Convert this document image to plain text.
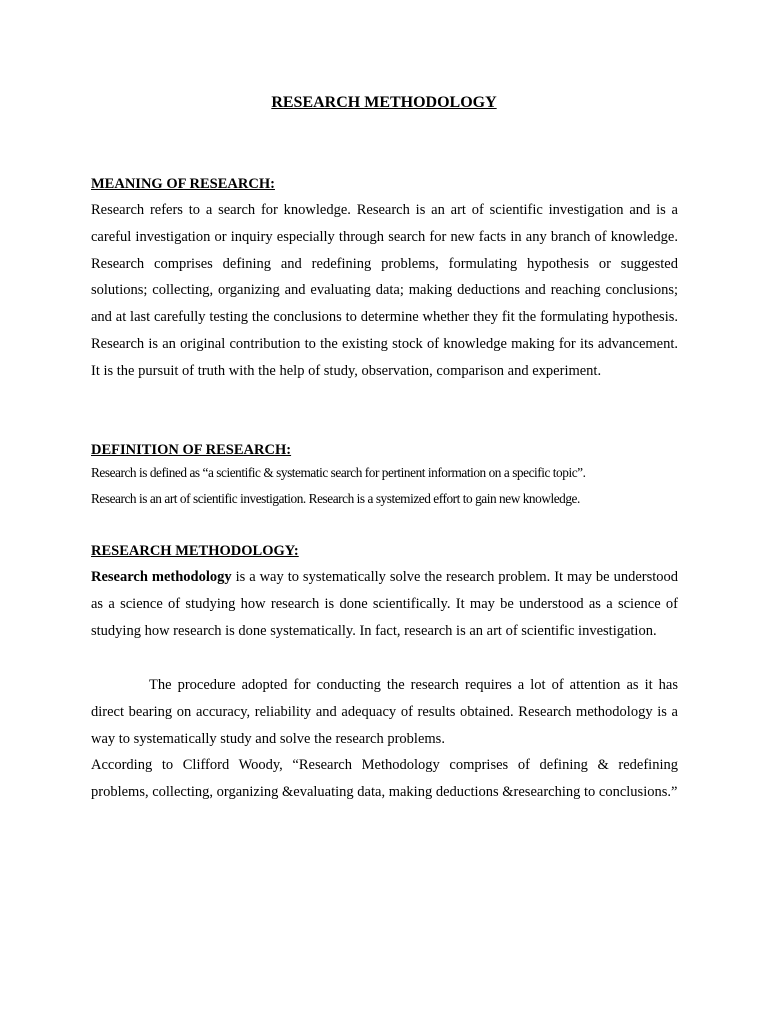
RESEARCH METHODOLOGY
MEANING OF RESEARCH:

Research refers to a search for knowledge. Research is an art of scientific investigation and is a careful investigation or inquiry especially through search for new facts in any branch of knowledge. Research comprises defining and redefining problems, formulating hypothesis or suggested solutions; collecting, organizing and evaluating data; making deductions and reaching conclusions; and at last carefully testing the conclusions to determine whether they fit the formulating hypothesis. Research is an original contribution to the existing stock of knowledge making for its advancement. It is the pursuit of truth with the help of study, observation, comparison and experiment.

DEFINITION OF RESEARCH:

Research is defined as “a scientific & systematic search for pertinent information on a specific topic”.

Research is an art of scientific investigation. Research is a systemized effort to gain new knowledge.

RESEARCH METHODOLOGY:

Research methodology is a way to systematically solve the research problem. It may be understood as a science of studying how research is done scientifically. It may be understood as a science of studying how research is done systematically. In fact, research is an art of scientific investigation.

The procedure adopted for conducting the research requires a lot of attention as it has direct bearing on accuracy, reliability and adequacy of results obtained. Research methodology is a way to systematically study and solve the research problems.

According to Clifford Woody, “Research Methodology comprises of defining & redefining problems, collecting, organizing &evaluating data, making deductions &researching to conclusions.”
